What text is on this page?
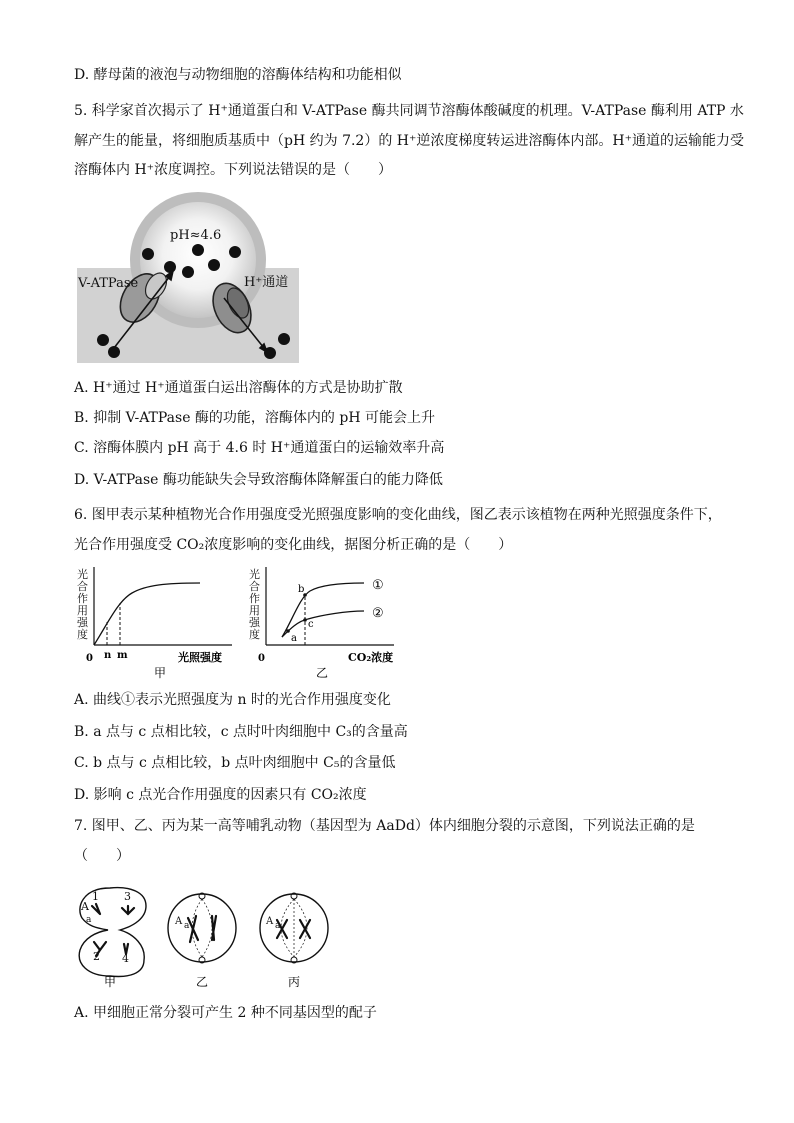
D. 酵母菌的液泡与动物细胞的溶酶体结构和功能相似
5. 科学家首次揭示了 H⁺通道蛋白和 V-ATPase 酶共同调节溶酶体酸碱度的机理。V-ATPase 酶利用 ATP 水
解产生的能量，将细胞质基质中（pH 约为 7.2）的 H⁺逆浓度梯度转运进溶酶体内部。H⁺通道的运输能力受
溶酶体内 H⁺浓度调控。下列说法错误的是（　　）
pH≈4.6
V-ATPase	H⁺通道
A. H⁺通过 H⁺通道蛋白运出溶酶体的方式是协助扩散
B. 抑制 V-ATPase 酶的功能，溶酶体内的 pH 可能会上升
C. 溶酶体膜内 pH 高于 4.6 时 H⁺通道蛋白的运输效率升高
D. V-ATPase 酶功能缺失会导致溶酶体降解蛋白的能力降低
6. 图甲表示某种植物光合作用强度受光照强度影响的变化曲线，图乙表示该植物在两种光照强度条件下，
光合作用强度受 CO₂浓度影响的变化曲线，据图分析正确的是（　　）
光
合
作
用
强
度
0 n m	光照强度
甲
光
合
作
用
强
度	a
b
c
①
②
0	CO₂浓度
乙
A. 曲线①表示光照强度为 n 时的光合作用强度变化
B. a 点与 c 点相比较，c 点时叶肉细胞中 C₃的含量高
C. b 点与 c 点相比较，b 点叶肉细胞中 C₅的含量低
D. 影响 c 点光合作用强度的因素只有 CO₂浓度
7. 图甲、乙、丙为某一高等哺乳动物（基因型为 AaDd）体内细胞分裂的示意图，下列说法正确的是
（　　）
1 3
2 4
A
a
甲
A a
乙
A a
丙
A. 甲细胞正常分裂可产生 2 种不同基因型的配子
